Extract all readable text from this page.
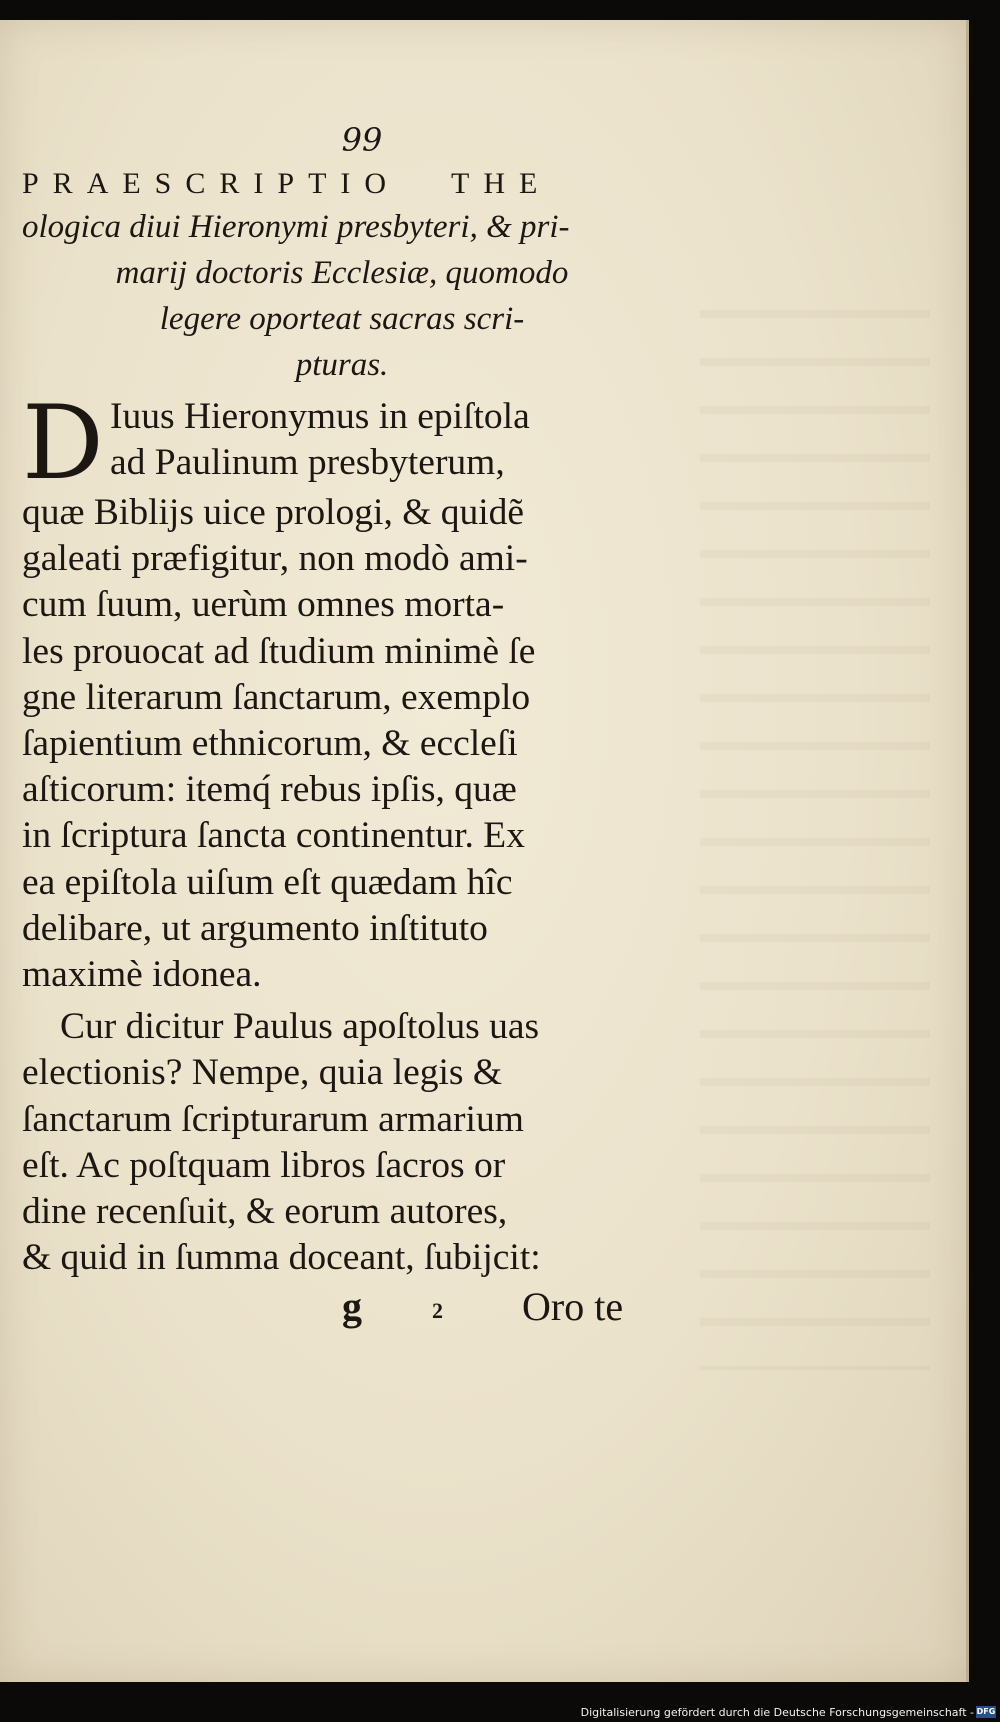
99
PRAESCRIPTIO THE
ologica diui Hieronymi presbyteri, & pri-
marij doctoris Ecclesiæ, quomodo
legere oporteat sacras scri-
pturas.
D Iuus Hieronymus in epiſtola
ad Paulinum presbyterum,
quæ Biblijs uice prologi, & quidẽ
galeati præfigitur, non modò ami-
cum ſuum, uerùm omnes morta-
les prouocat ad ſtudium minimè ſe
gne literarum ſanctarum, exemplo
ſapientium ethnicorum, & eccleſi
aſticorum: itemq́ rebus ipſis, quæ
in ſcriptura ſancta continentur. Ex
ea epiſtola uiſum eſt quædam hîc
delibare, ut argumento inſtituto
maximè idonea.
Cur dicitur Paulus apoſtolus uas
electionis? Nempe, quia legis &
ſanctarum ſcripturarum armarium
eſt. Ac poſtquam libros ſacros or
dine recenſuit, & eorum autores,
& quid in ſumma doceant, ſubijcit:
g	2 Oro te
Digitalisierung gefördert durch die Deutsche Forschungsgemeinschaft - DFG
